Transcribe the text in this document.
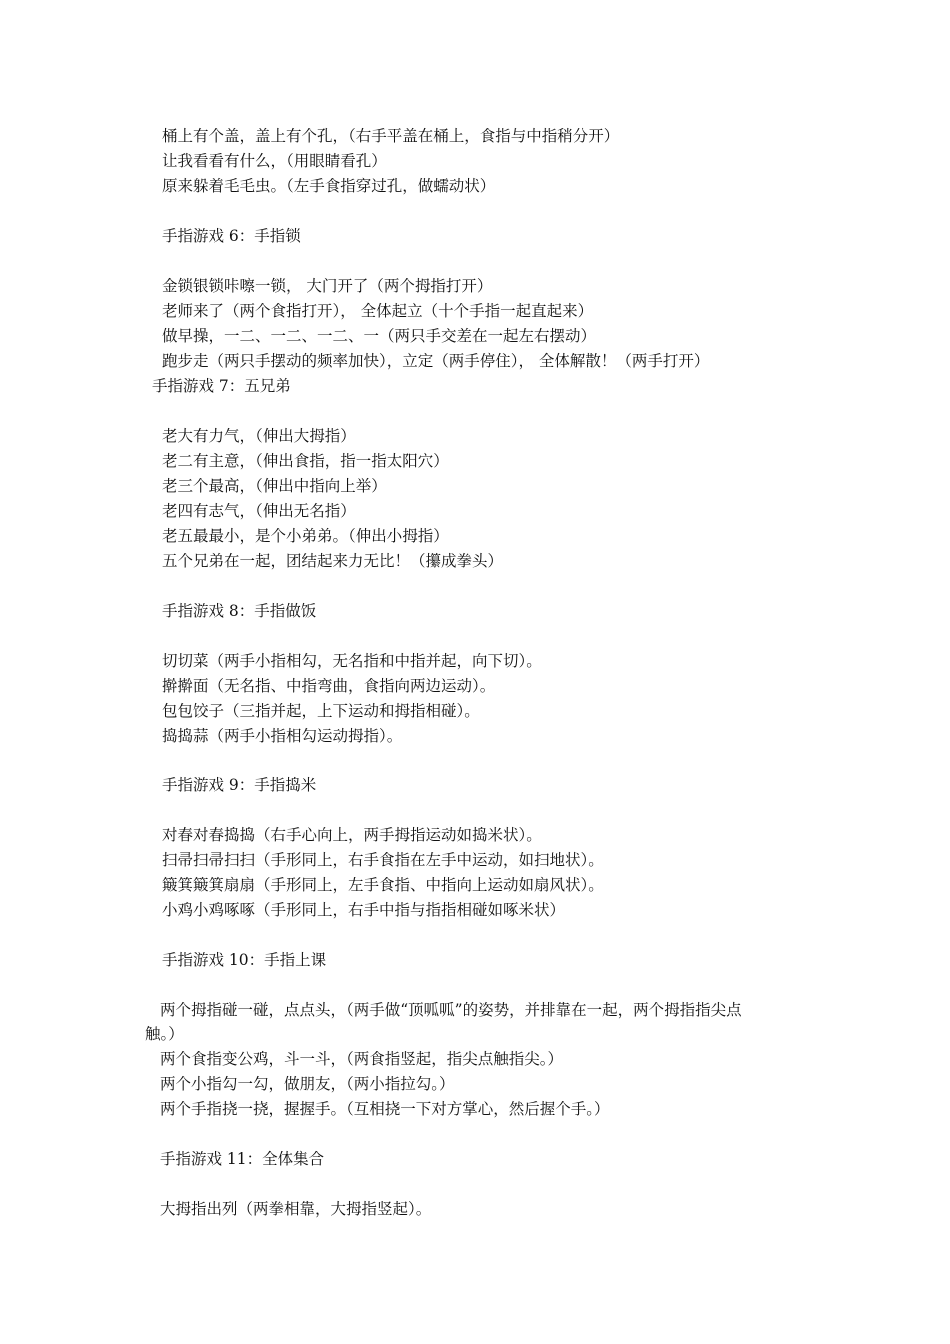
桶上有个盖，盖上有个孔，（右手平盖在桶上，食指与中指稍分开）
让我看看有什么，（用眼睛看孔）
原来躲着毛毛虫。（左手食指穿过孔，做蠕动状）
手指游戏 6：手指锁
金锁银锁咔嚓一锁， 大门开了（两个拇指打开）
老师来了（两个食指打开）， 全体起立（十个手指一起直起来）
做早操，一二、一二、一二、一（两只手交差在一起左右摆动）
跑步走（两只手摆动的频率加快），立定（两手停住）， 全体解散！（两手打开）
手指游戏 7：五兄弟
老大有力气，（伸出大拇指）
老二有主意，（伸出食指，指一指太阳穴）
老三个最高，（伸出中指向上举）
老四有志气，（伸出无名指）
老五最最小，是个小弟弟。（伸出小拇指）
五个兄弟在一起，团结起来力无比！（攥成拳头）
手指游戏 8：手指做饭
切切菜（两手小指相勾，无名指和中指并起，向下切）。
擀擀面（无名指、中指弯曲，食指向两边运动）。
包包饺子（三指并起，上下运动和拇指相碰）。
捣捣蒜（两手小指相勾运动拇指）。
手指游戏 9：手指捣米
对春对春捣捣（右手心向上，两手拇指运动如捣米状）。
扫帚扫帚扫扫（手形同上，右手食指在左手中运动，如扫地状）。
簸箕簸箕扇扇（手形同上，左手食指、中指向上运动如扇风状）。
小鸡小鸡啄啄（手形同上，右手中指与指指相碰如啄米状）
手指游戏 10：手指上课
两个拇指碰一碰，点点头，（两手做“顶呱呱”的姿势，并排靠在一起，两个拇指指尖点
触。）
两个食指变公鸡，斗一斗，（两食指竖起，指尖点触指尖。）
两个小指勾一勾，做朋友，（两小指拉勾。）
两个手指挠一挠，握握手。（互相挠一下对方掌心，然后握个手。）
手指游戏 11：全体集合
大拇指出列（两拳相靠，大拇指竖起）。
